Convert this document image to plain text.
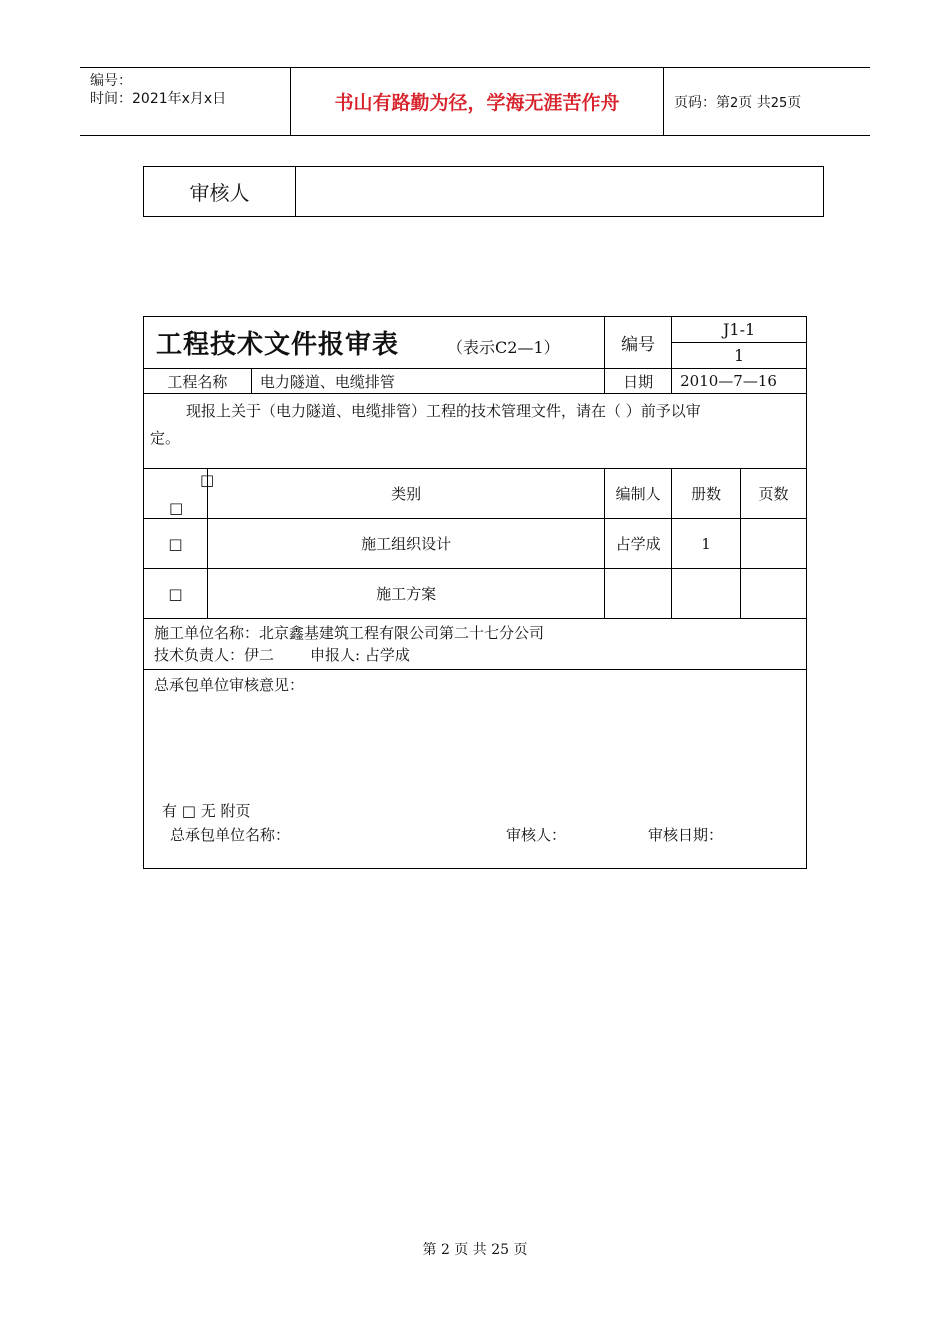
编号：
时间：2021年x月x日	书山有路勤为径，学海无涯苦作舟	页码：第2页 共25页
审核人	
工程技术文件报审表 （表示C2—1）			编号	J1-1	
				1	
工程名称		电力隧道、电缆排管	日期	2010—7—16	

现报上关于（电力隧道、电缆排管）工程的技术管理文件，请在（ ）前予以审
定。					

□
□	类别		编制人	册数	页数
□	施工组织设计		占学成	1	
□	施工方案				

施工单位名称：北京鑫基建筑工程有限公司第二十七分公司
技术负责人：伊二 申报人: 占学成					

总承包单位审核意见：
有 □ 无 附页
总承包单位名称： 审核人： 审核日期：					
第 2 页 共 25 页
